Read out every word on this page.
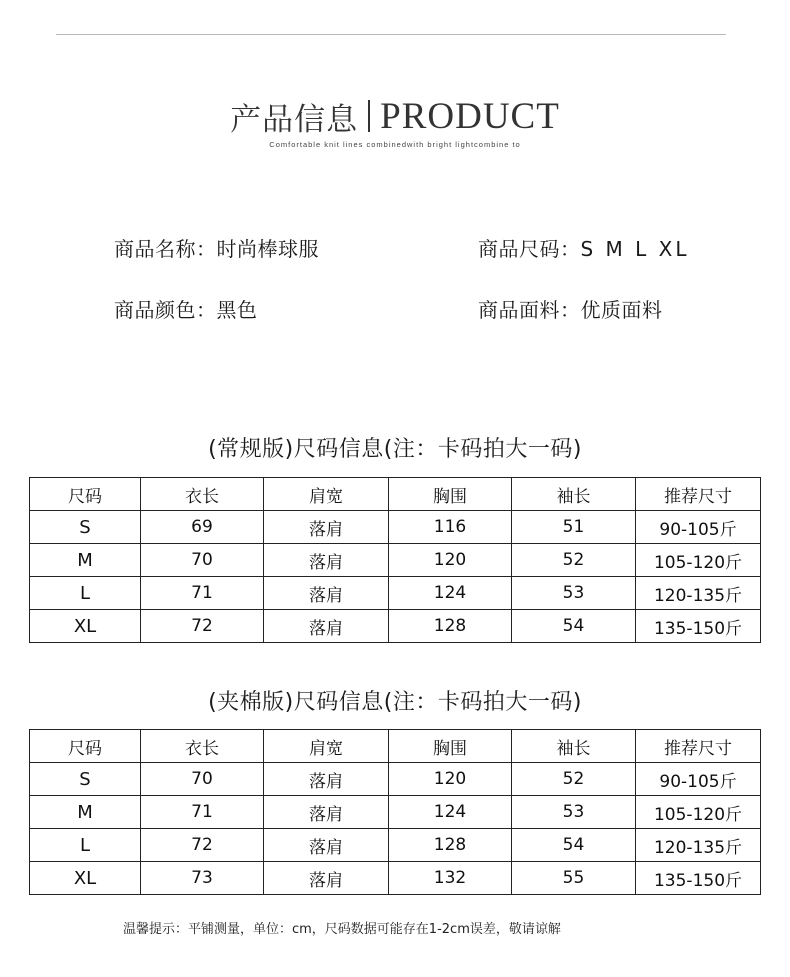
产品信息 PRODUCT
Comfortable knit lines combinedwith bright lightcombine to
商品名称：时尚棒球服	商品尺码：S M L XL
商品颜色：黑色	商品面料：优质面料
(常规版)尺码信息(注：卡码拍大一码)
尺码	衣长	肩宽	胸围	袖长	推荐尺寸
S	69	落肩	116	51	90-105斤
M	70	落肩	120	52	105-120斤
L	71	落肩	124	53	120-135斤
XL	72	落肩	128	54	135-150斤
(夹棉版)尺码信息(注：卡码拍大一码)
尺码	衣长	肩宽	胸围	袖长	推荐尺寸
S	70	落肩	120	52	90-105斤
M	71	落肩	124	53	105-120斤
L	72	落肩	128	54	120-135斤
XL	73	落肩	132	55	135-150斤
温馨提示：平铺测量，单位：cm，尺码数据可能存在1-2cm误差，敬请谅解
